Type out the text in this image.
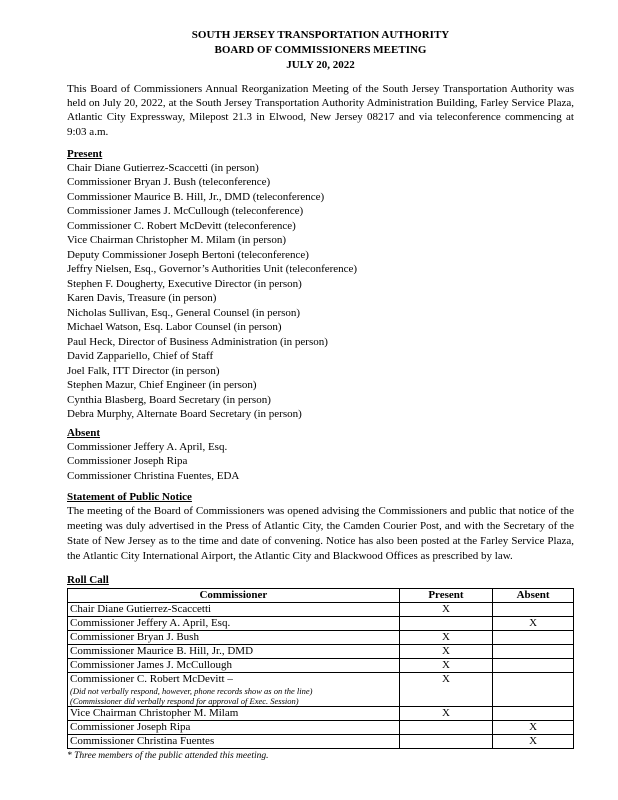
SOUTH JERSEY TRANSPORTATION AUTHORITY
BOARD OF COMMISSIONERS MEETING
JULY 20, 2022
This Board of Commissioners Annual Reorganization Meeting of the South Jersey Transportation Authority was held on July 20, 2022, at the South Jersey Transportation Authority Administration Building, Farley Service Plaza, Atlantic City Expressway, Milepost 21.3 in Elwood, New Jersey 08217 and via teleconference commencing at 9:03 a.m.
Present
Chair Diane Gutierrez-Scaccetti (in person)
Commissioner Bryan J. Bush (teleconference)
Commissioner Maurice B. Hill, Jr., DMD (teleconference)
Commissioner James J. McCullough (teleconference)
Commissioner C. Robert McDevitt (teleconference)
Vice Chairman Christopher M. Milam (in person)
Deputy Commissioner Joseph Bertoni (teleconference)
Jeffry Nielsen, Esq., Governor’s Authorities Unit (teleconference)
Stephen F. Dougherty, Executive Director (in person)
Karen Davis, Treasure (in person)
Nicholas Sullivan, Esq., General Counsel (in person)
Michael Watson, Esq. Labor Counsel (in person)
Paul Heck, Director of Business Administration (in person)
David Zappariello, Chief of Staff
Joel Falk, ITT Director (in person)
Stephen Mazur, Chief Engineer (in person)
Cynthia Blasberg, Board Secretary (in person)
Debra Murphy, Alternate Board Secretary (in person)
Absent
Commissioner Jeffery A. April, Esq.
Commissioner Joseph Ripa
Commissioner Christina Fuentes, EDA
Statement of Public Notice
The meeting of the Board of Commissioners was opened advising the Commissioners and public that notice of the meeting was duly advertised in the Press of Atlantic City, the Camden Courier Post, and with the Secretary of the State of New Jersey as to the time and date of convening. Notice has also been posted at the Farley Service Plaza, the Atlantic City International Airport, the Atlantic City and Blackwood Offices as prescribed by law.
Roll Call
Commissioner	Present	Absent
Chair Diane Gutierrez-Scaccetti	X	
Commissioner Jeffery A. April, Esq.		X
Commissioner Bryan J. Bush	X	
Commissioner Maurice B. Hill, Jr., DMD	X	
Commissioner James J. McCullough	X	
Commissioner C. Robert McDevitt –
(Did not verbally respond, however, phone records show as on the line)
(Commissioner did verbally respond for approval of Exec. Session)	X	
Vice Chairman Christopher M. Milam	X	
Commissioner Joseph Ripa		X
Commissioner Christina Fuentes		X
* Three members of the public attended this meeting.
